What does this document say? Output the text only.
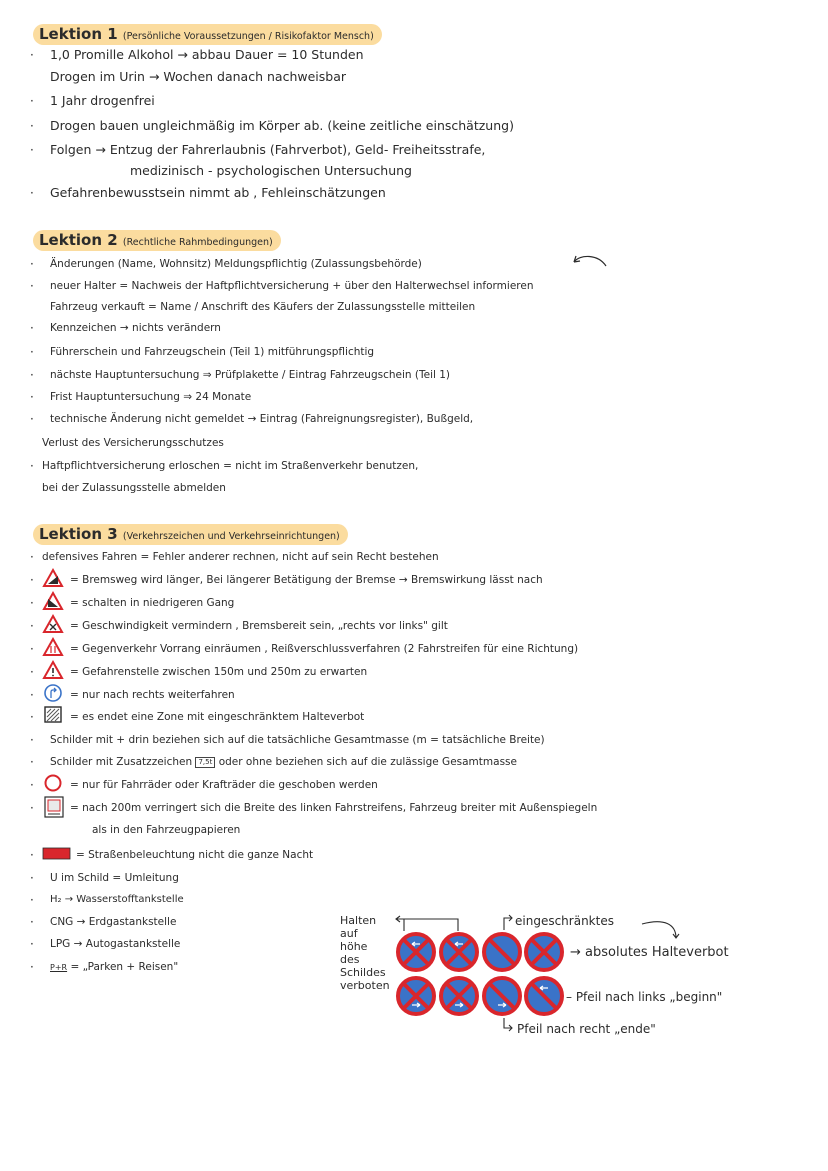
Lektion 1 (Persönliche Voraussetzungen / Risikofaktor Mensch)
· 1,0 Promille Alkohol → abbau Dauer = 10 Stunden
Drogen im Urin → Wochen danach nachweisbar
· 1 Jahr drogenfrei
· Drogen bauen ungleichmäßig im Körper ab. (keine zeitliche einschätzung)
· Folgen → Entzug der Fahrerlaubnis (Fahrverbot), Geld- Freiheitsstrafe,
medizinisch - psychologischen Untersuchung
· Gefahrenbewusstsein nimmt ab , Fehleinschätzungen
Lektion 2 (Rechtliche Rahmbedingungen)
· Änderungen (Name, Wohnsitz) Meldungspflichtig (Zulassungsbehörde)
· neuer Halter = Nachweis der Haftpflichtversicherung + über den Halterwechsel informieren
Fahrzeug verkauft = Name / Anschrift des Käufers der Zulassungsstelle mitteilen
· Kennzeichen → nichts verändern
· Führerschein und Fahrzeugschein (Teil 1) mitführungspflichtig
· nächste Hauptuntersuchung ⇒ Prüfplakette / Eintrag Fahrzeugschein (Teil 1)
· Frist Hauptuntersuchung ⇒ 24 Monate
· technische Änderung nicht gemeldet → Eintrag (Fahreignungsregister), Bußgeld,
Verlust des Versicherungsschutzes
· Haftpflichtversicherung erloschen = nicht im Straßenverkehr benutzen,
bei der Zulassungsstelle abmelden
Lektion 3 (Verkehrszeichen und Verkehrseinrichtungen)
· defensives Fahren = Fehler anderer rechnen, nicht auf sein Recht bestehen
·	= Bremsweg wird länger, Bei längerer Betätigung der Bremse → Bremswirkung lässt nach
·	= schalten in niedrigeren Gang
·	= Geschwindigkeit vermindern , Bremsbereit sein, „rechts vor links" gilt
·	= Gegenverkehr Vorrang einräumen , Reißverschlussverfahren (2 Fahrstreifen für eine Richtung)
·	= Gefahrenstelle zwischen 150m und 250m zu erwarten
·	= nur nach rechts weiterfahren
·	= es endet eine Zone mit eingeschränktem Halteverbot
· Schilder mit + drin beziehen sich auf die tatsächliche Gesamtmasse (m = tatsächliche Breite)
· Schilder mit Zusatzzeichen 7,5t oder ohne beziehen sich auf die zulässige Gesamtmasse
·	= nur für Fahrräder oder Krafträder die geschoben werden
·	= nach 200m verringert sich die Breite des linken Fahrstreifens, Fahrzeug breiter mit Außenspiegeln
als in den Fahrzeugpapieren
·	= Straßenbeleuchtung nicht die ganze Nacht
· U im Schild = Umleitung
· H₂ → Wasserstofftankstelle
· CNG → Erdgastankstelle
· LPG → Autogastankstelle
· P+R = „Parken + Reisen"
Halten
auf
höhe
des
Schildes
verboten
eingeschränktes
→ absolutes Halteverbot
– Pfeil nach links „beginn"
Pfeil nach recht „ende"
